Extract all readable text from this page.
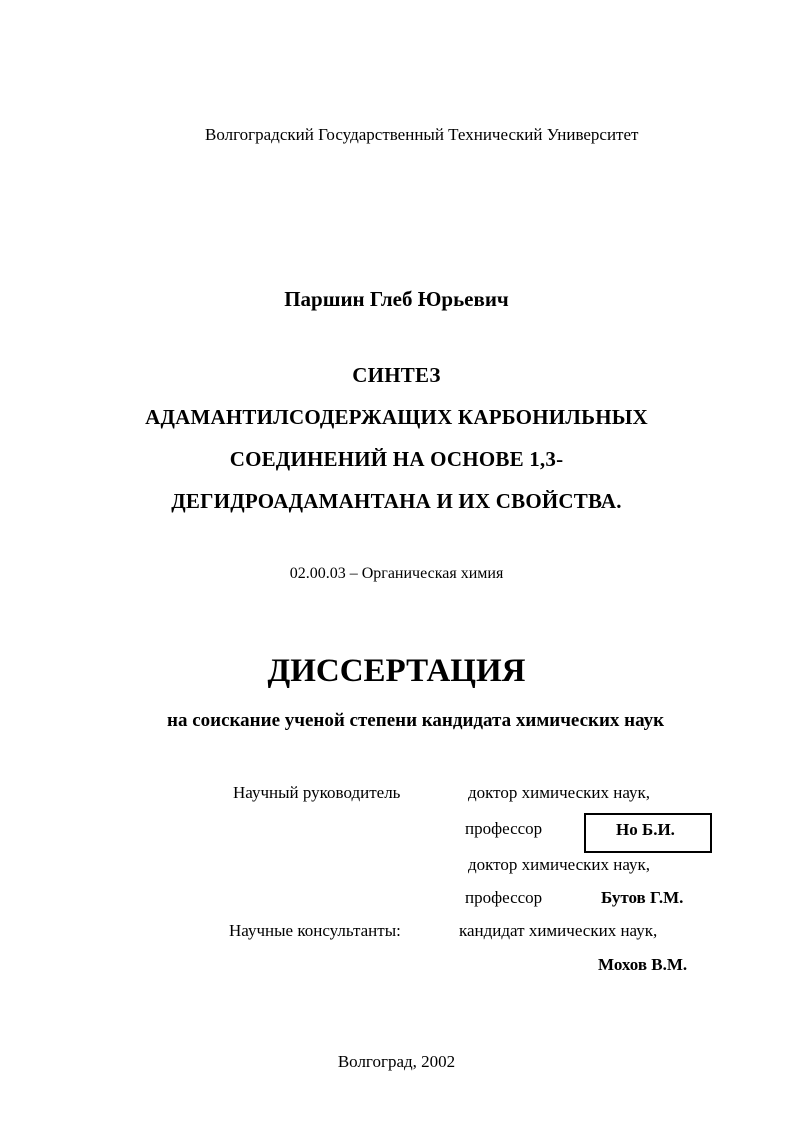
Волгоградский Государственный Технический Университет
Паршин Глеб Юрьевич
СИНТЕЗ
АДАМАНТИЛСОДЕРЖАЩИХ КАРБОНИЛЬНЫХ
СОЕДИНЕНИЙ НА ОСНОВЕ 1,3-
ДЕГИДРОАДАМАНТАНА И ИХ СВОЙСТВА.
02.00.03 – Органическая химия
ДИССЕРТАЦИЯ
на соискание ученой степени кандидата химических наук
Научный руководитель	доктор химических наук,
профессор	Но Б.И.
доктор химических наук,
профессор	Бутов Г.М.
Научные консультанты:	кандидат химических наук,
Мохов В.М.
Волгоград, 2002
